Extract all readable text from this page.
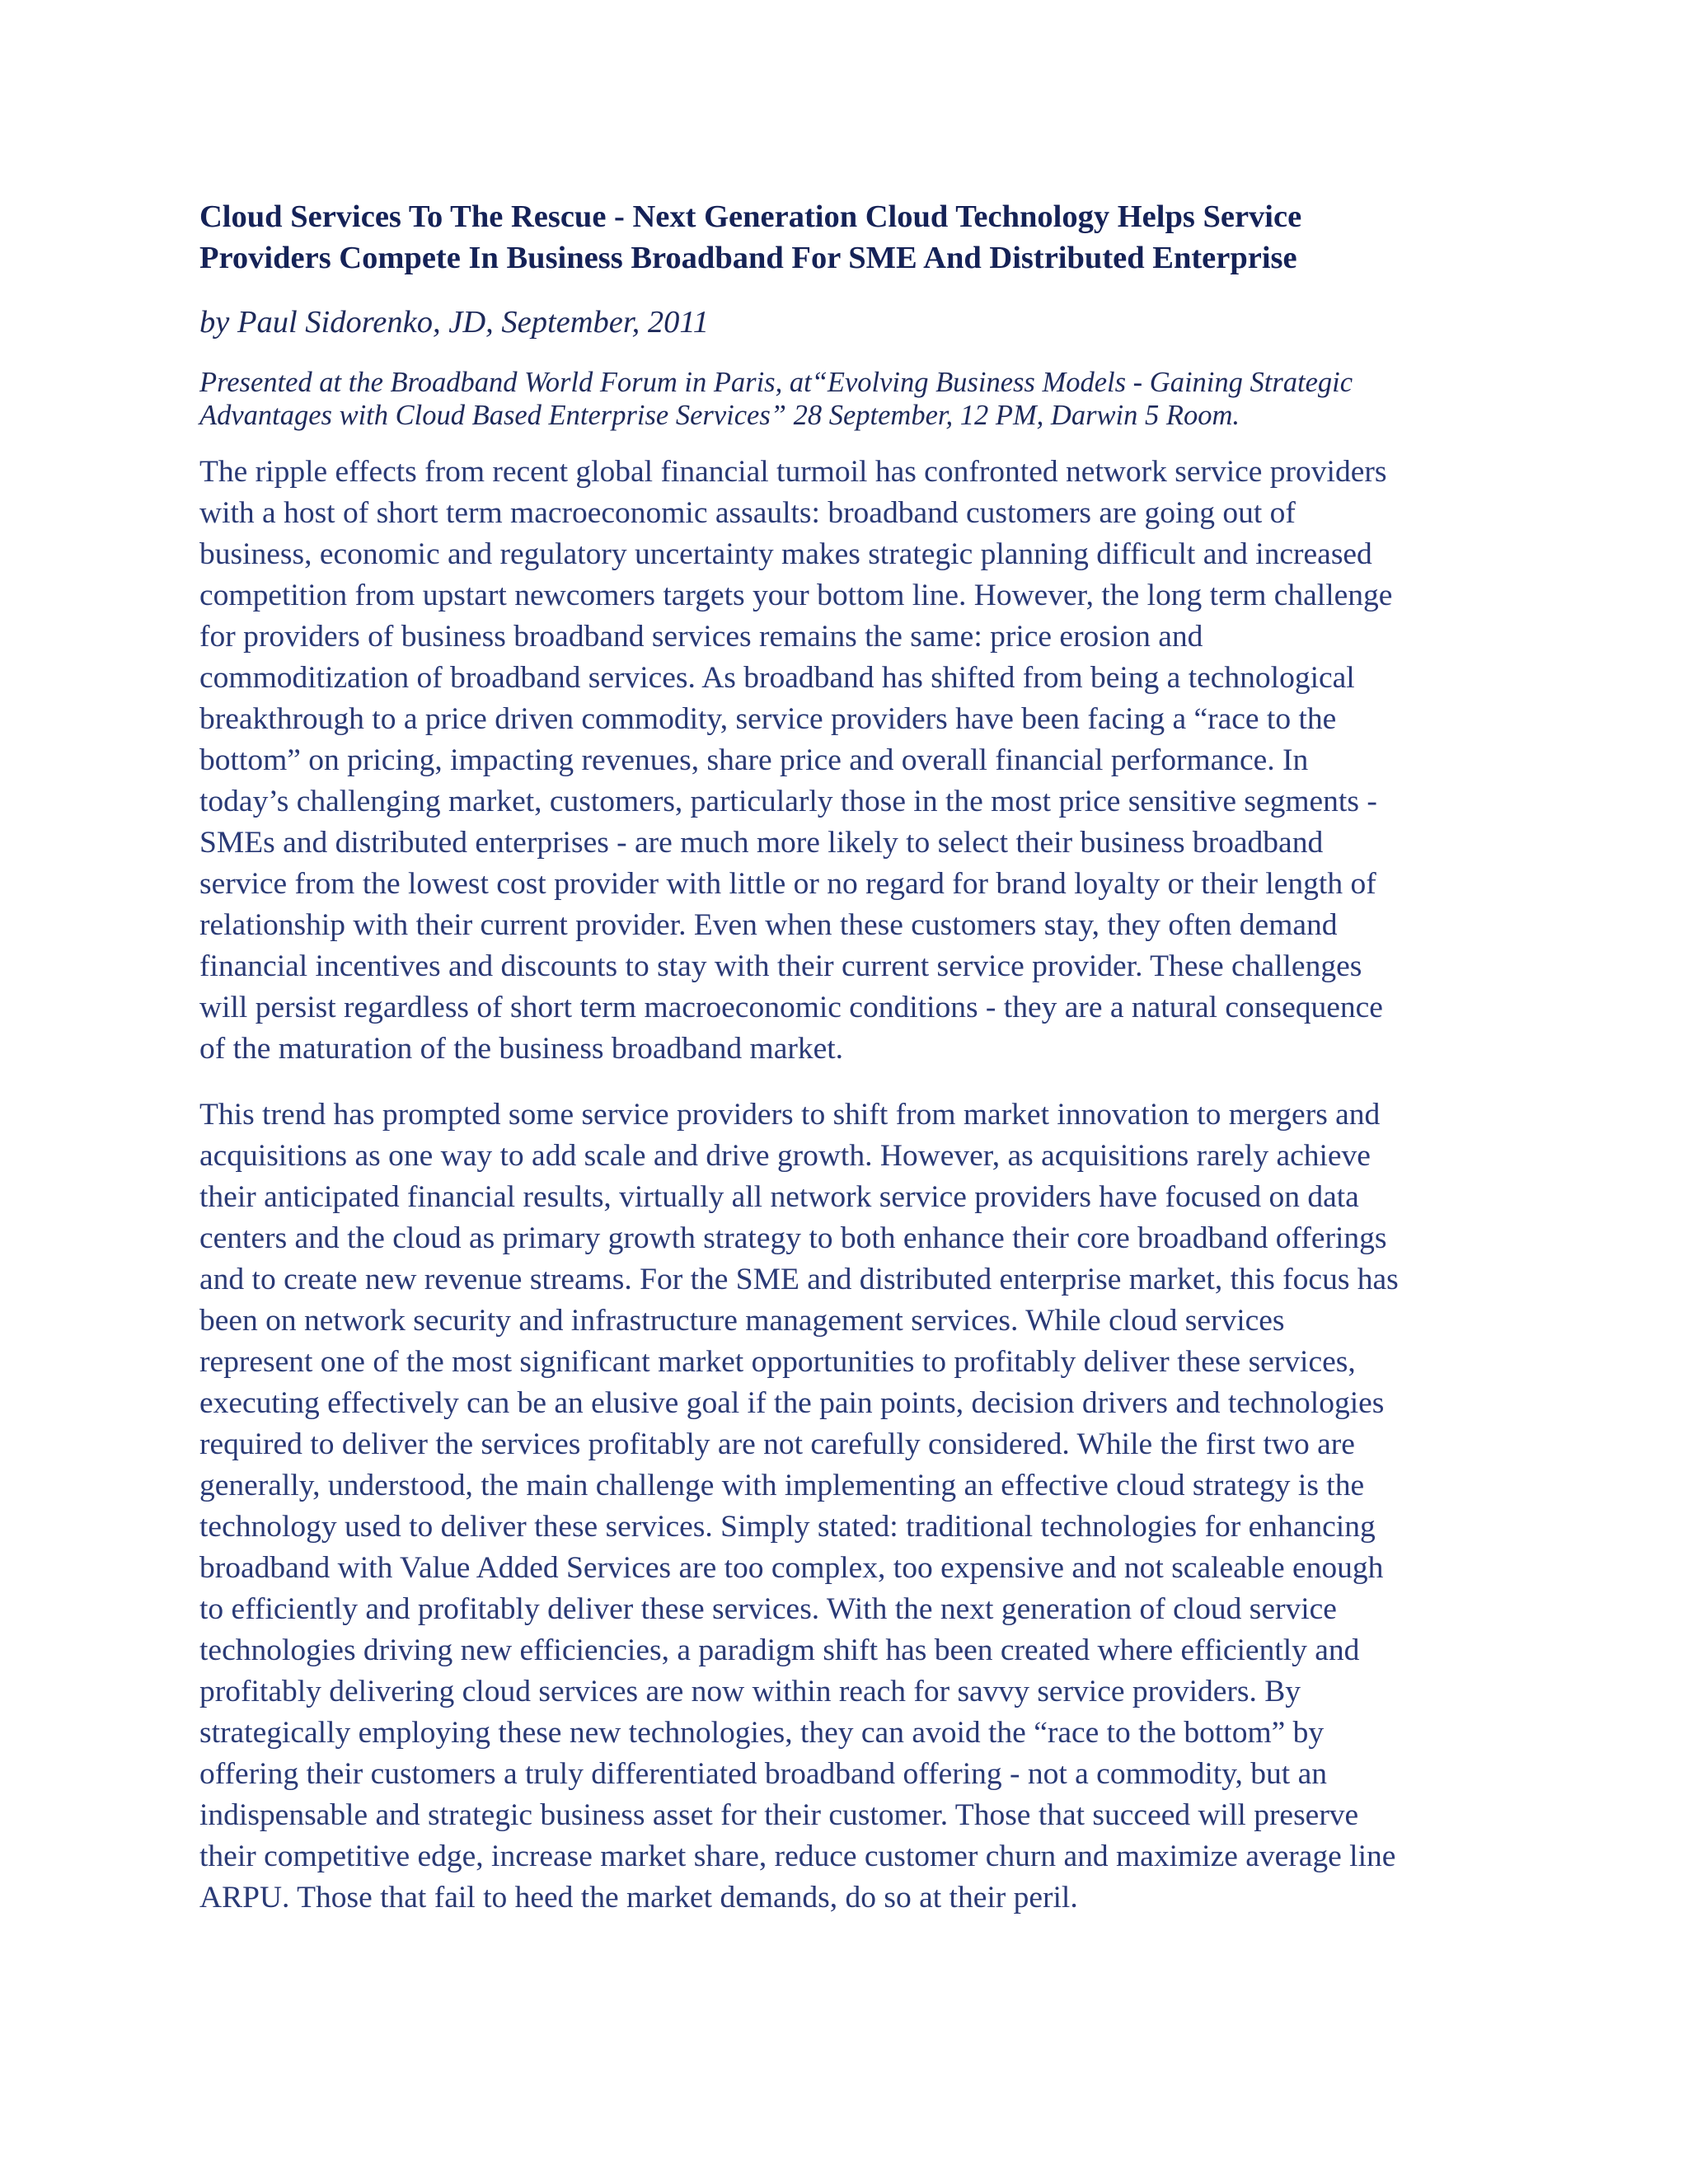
Cloud Services To The Rescue - Next Generation Cloud Technology Helps Service
Providers Compete In Business Broadband For SME And Distributed Enterprise

by Paul Sidorenko, JD, September, 2011

Presented at the Broadband World Forum in Paris, at“Evolving Business Models - Gaining Strategic
Advantages with Cloud Based Enterprise Services” 28 September, 12 PM, Darwin 5 Room.

The ripple effects from recent global financial turmoil has confronted network service providers
with a host of short term macroeconomic assaults: broadband customers are going out of
business, economic and regulatory uncertainty makes strategic planning difficult and increased
competition from upstart newcomers targets your bottom line. However, the long term challenge
for providers of business broadband services remains the same: price erosion and
commoditization of broadband services. As broadband has shifted from being a technological
breakthrough to a price driven commodity, service providers have been facing a “race to the
bottom” on pricing, impacting revenues, share price and overall financial performance. In
today’s challenging market, customers, particularly those in the most price sensitive segments -
SMEs and distributed enterprises - are much more likely to select their business broadband
service from the lowest cost provider with little or no regard for brand loyalty or their length of
relationship with their current provider. Even when these customers stay, they often demand
financial incentives and discounts to stay with their current service provider. These challenges
will persist regardless of short term macroeconomic conditions - they are a natural consequence
of the maturation of the business broadband market.

This trend has prompted some service providers to shift from market innovation to mergers and
acquisitions as one way to add scale and drive growth. However, as acquisitions rarely achieve
their anticipated financial results, virtually all network service providers have focused on data
centers and the cloud as primary growth strategy to both enhance their core broadband offerings
and to create new revenue streams. For the SME and distributed enterprise market, this focus has
been on network security and infrastructure management services. While cloud services
represent one of the most significant market opportunities to profitably deliver these services,
executing effectively can be an elusive goal if the pain points, decision drivers and technologies
required to deliver the services profitably are not carefully considered. While the first two are
generally, understood, the main challenge with implementing an effective cloud strategy is the
technology used to deliver these services. Simply stated: traditional technologies for enhancing
broadband with Value Added Services are too complex, too expensive and not scaleable enough
to efficiently and profitably deliver these services. With the next generation of cloud service
technologies driving new efficiencies, a paradigm shift has been created where efficiently and
profitably delivering cloud services are now within reach for savvy service providers. By
strategically employing these new technologies, they can avoid the “race to the bottom” by
offering their customers a truly differentiated broadband offering - not a commodity, but an
indispensable and strategic business asset for their customer. Those that succeed will preserve
their competitive edge, increase market share, reduce customer churn and maximize average line
ARPU. Those that fail to heed the market demands, do so at their peril.
